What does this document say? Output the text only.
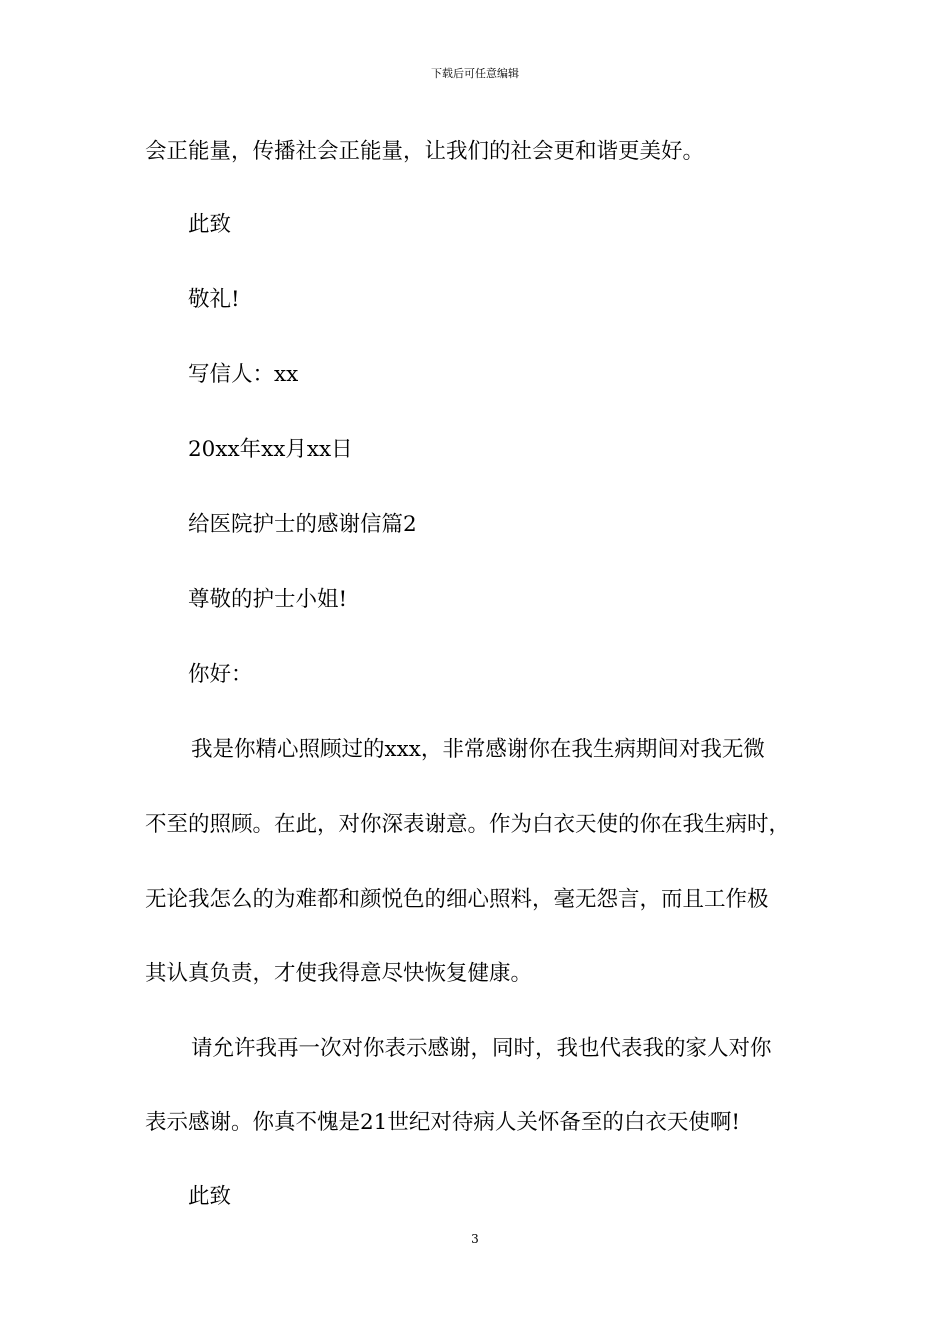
下载后可任意编辑
会正能量，传播社会正能量，让我们的社会更和谐更美好。
此致
敬礼!
写信人：xx
20xx年xx月xx日
给医院护士的感谢信篇2
尊敬的护士小姐!
你好：
我是你精心照顾过的xxx，非常感谢你在我生病期间对我无微
不至的照顾。在此，对你深表谢意。作为白衣天使的你在我生病时，
无论我怎么的为难都和颜悦色的细心照料，毫无怨言，而且工作极
其认真负责，才使我得意尽快恢复健康。
请允许我再一次对你表示感谢，同时，我也代表我的家人对你
表示感谢。你真不愧是21世纪对待病人关怀备至的白衣天使啊!
此致
3
